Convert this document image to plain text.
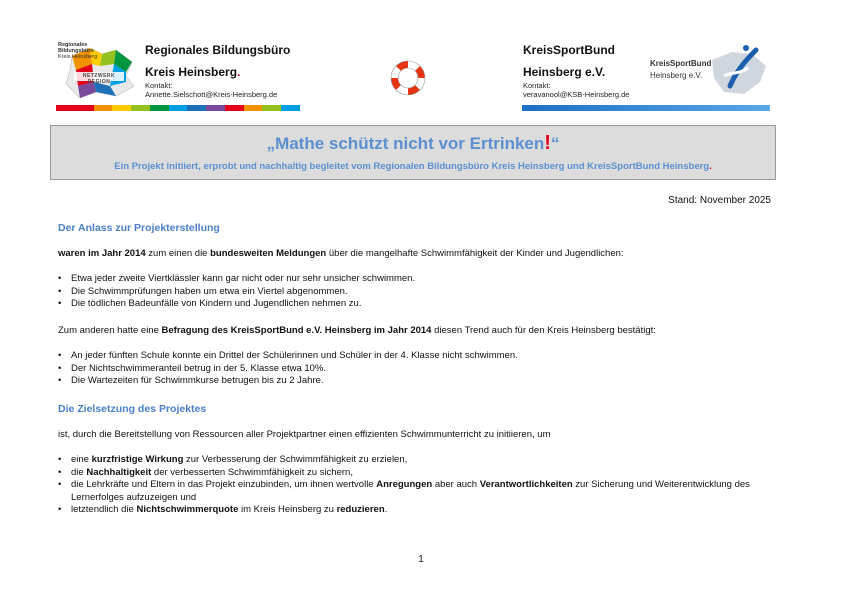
Regionales
Bildungsbüro
Kreis Heinsberg
NETZWERK REGION
Regionales Bildungsbüro
Kreis Heinsberg.
Kontakt:
Annette.Sielschott@Kreis-Heinsberg.de
KreisSportBund
Heinsberg e.V.
Kontakt:
veravanool@KSB-Heinsberg.de
KreisSportBund
Heinsberg e.V.
„Mathe schützt nicht vor Ertrinken!“
Ein Projekt initiiert, erprobt und nachhaltig begleitet vom Regionalen Bildungsbüro Kreis Heinsberg und KreisSportBund Heinsberg.
Stand: November 2025
Der Anlass zur Projekterstellung
waren im Jahr 2014 zum einen die bundesweiten Meldungen über die mangelhafte Schwimmfähigkeit der Kinder und Jugendlichen:
• Etwa jeder zweite Viertklässler kann gar nicht oder nur sehr unsicher schwimmen.
• Die Schwimmprüfungen haben um etwa ein Viertel abgenommen.
• Die tödlichen Badeunfälle von Kindern und Jugendlichen nehmen zu.
Zum anderen hatte eine Befragung des KreisSportBund e.V. Heinsberg im Jahr 2014 diesen Trend auch für den Kreis Heinsberg bestätigt:
• An jeder fünften Schule konnte ein Drittel der Schülerinnen und Schüler in der 4. Klasse nicht schwimmen.
• Der Nichtschwimmeranteil betrug in der 5. Klasse etwa 10%.
• Die Wartezeiten für Schwimmkurse betrugen bis zu 2 Jahre.
Die Zielsetzung des Projektes
ist, durch die Bereitstellung von Ressourcen aller Projektpartner einen effizienten Schwimmunterricht zu initiieren, um
• eine kurzfristige Wirkung zur Verbesserung der Schwimmfähigkeit zu erzielen,
• die Nachhaltigkeit der verbesserten Schwimmfähigkeit zu sichern,
• die Lehrkräfte und Eltern in das Projekt einzubinden, um ihnen wertvolle Anregungen aber auch Verantwortlichkeiten zur Sicherung und Weiterentwicklung des Lernerfolges aufzuzeigen und
• letztendlich die Nichtschwimmerquote im Kreis Heinsberg zu reduzieren.
1
